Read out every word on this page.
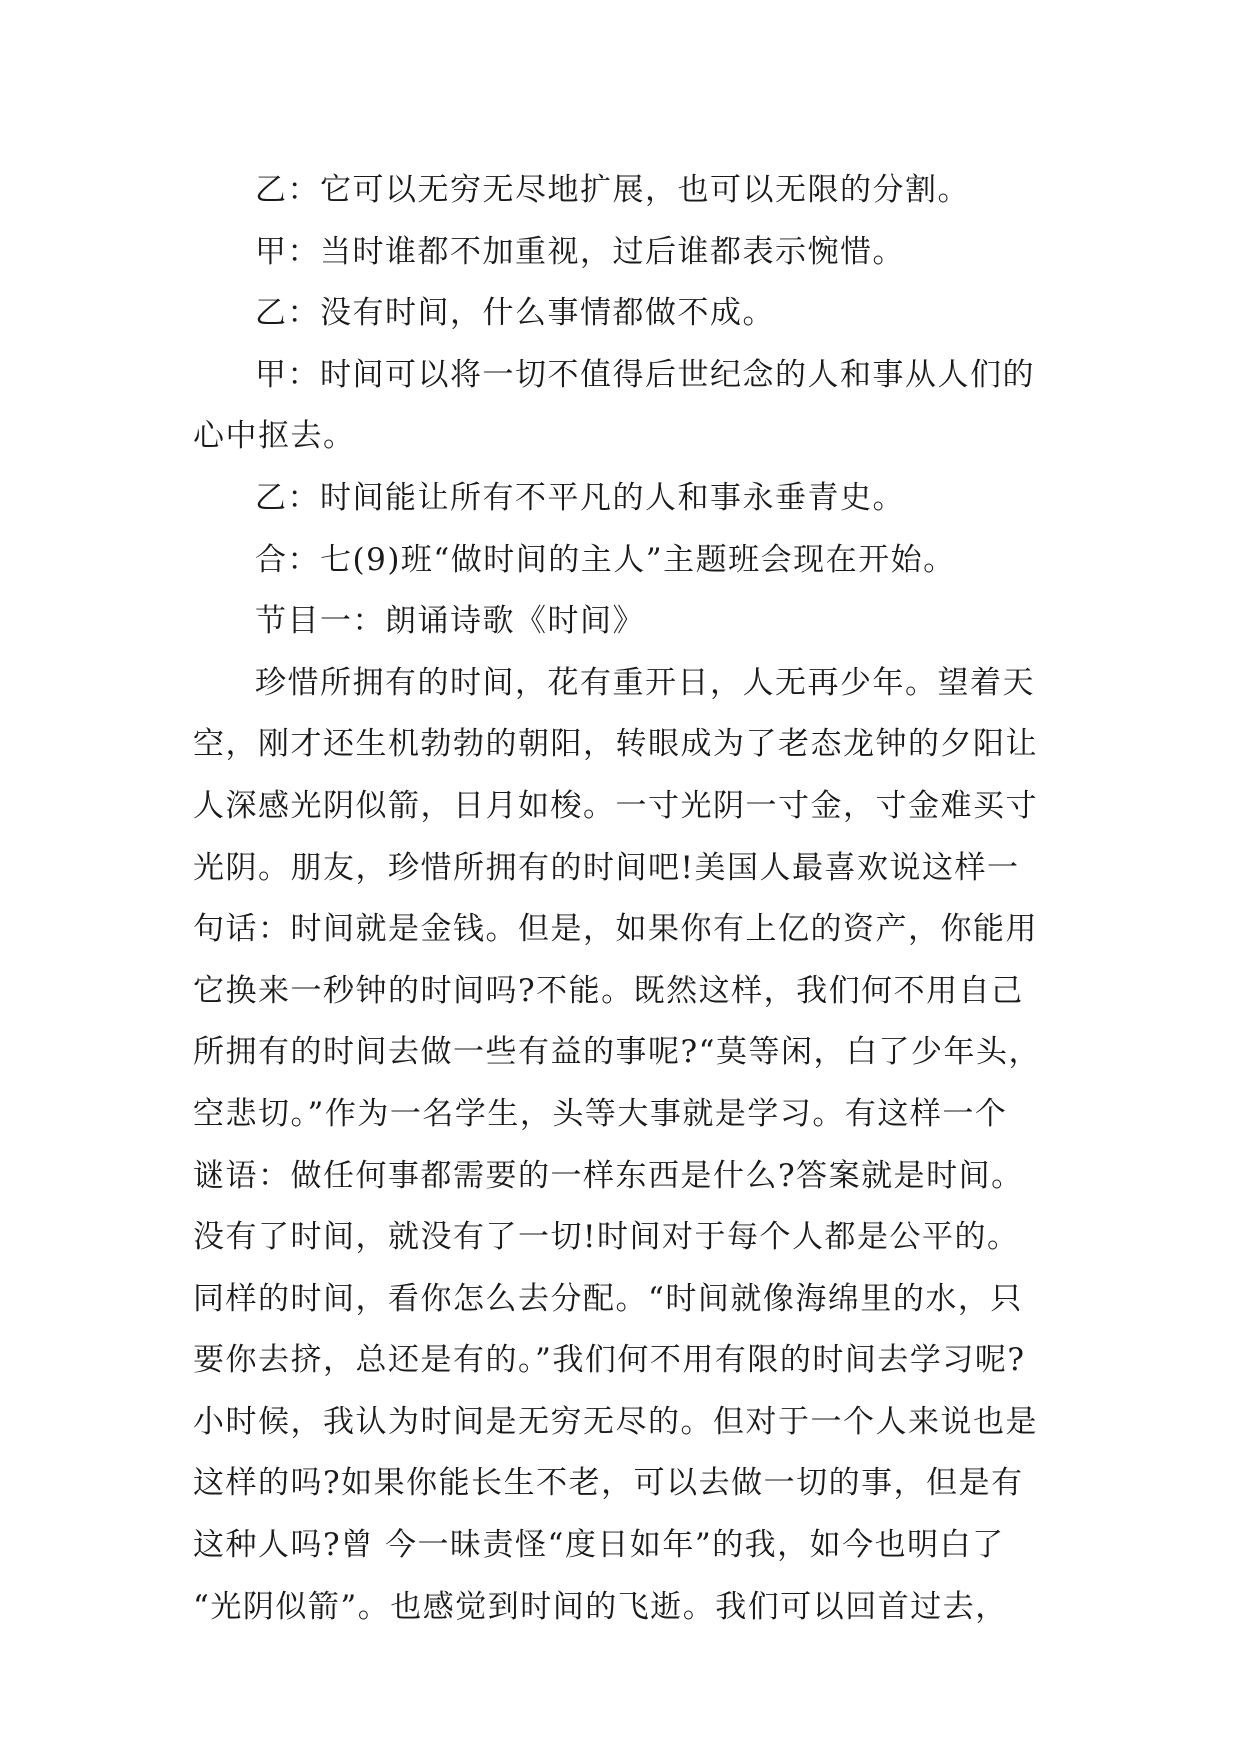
乙：它可以无穷无尽地扩展，也可以无限的分割。
甲：当时谁都不加重视，过后谁都表示惋惜。
乙：没有时间，什么事情都做不成。
甲：时间可以将一切不值得后世纪念的人和事从人们的
心中抠去。
乙：时间能让所有不平凡的人和事永垂青史。
合：七(9)班“做时间的主人”主题班会现在开始。
节目一：朗诵诗歌《时间》
珍惜所拥有的时间，花有重开日，人无再少年。望着天
空，刚才还生机勃勃的朝阳，转眼成为了老态龙钟的夕阳让
人深感光阴似箭，日月如梭。一寸光阴一寸金，寸金难买寸
光阴。朋友，珍惜所拥有的时间吧!美国人最喜欢说这样一
句话：时间就是金钱。但是，如果你有上亿的资产，你能用
它换来一秒钟的时间吗?不能。既然这样，我们何不用自己
所拥有的时间去做一些有益的事呢?“莫等闲，白了少年头，
空悲切。”作为一名学生，头等大事就是学习。有这样一个
谜语：做任何事都需要的一样东西是什么?答案就是时间。
没有了时间，就没有了一切!时间对于每个人都是公平的。
同样的时间，看你怎么去分配。“时间就像海绵里的水，只
要你去挤，总还是有的。”我们何不用有限的时间去学习呢?
小时候，我认为时间是无穷无尽的。但对于一个人来说也是
这样的吗?如果你能长生不老，可以去做一切的事，但是有
这种人吗?曾 今一昧责怪“度日如年”的我，如今也明白了
“光阴似箭”。也感觉到时间的飞逝。我们可以回首过去，
